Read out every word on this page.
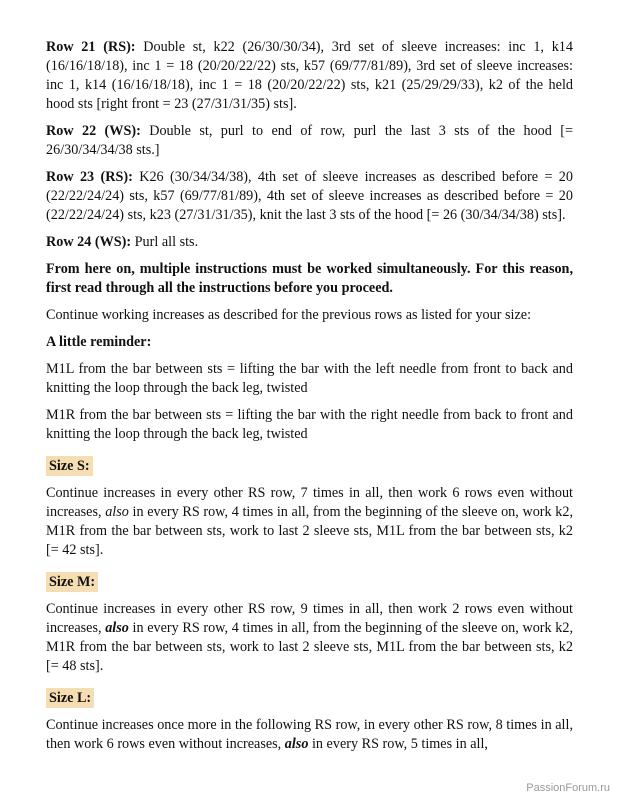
Row 21 (RS): Double st, k22 (26/30/30/34), 3rd set of sleeve increases: inc 1, k14 (16/16/18/18), inc 1 = 18 (20/20/22/22) sts, k57 (69/77/81/89), 3rd set of sleeve increases: inc 1, k14 (16/16/18/18), inc 1 = 18 (20/20/22/22) sts, k21 (25/29/29/33), k2 of the held hood sts [right front = 23 (27/31/31/35) sts].

Row 22 (WS): Double st, purl to end of row, purl the last 3 sts of the hood [= 26/30/34/34/38 sts.]

Row 23 (RS): K26 (30/34/34/38), 4th set of sleeve increases as described before = 20 (22/22/24/24) sts, k57 (69/77/81/89), 4th set of sleeve increases as described before = 20 (22/22/24/24) sts, k23 (27/31/31/35), knit the last 3 sts of the hood [= 26 (30/34/34/38) sts].

Row 24 (WS): Purl all sts.

From here on, multiple instructions must be worked simultaneously. For this reason, first read through all the instructions before you proceed.

Continue working increases as described for the previous rows as listed for your size:

A little reminder:

M1L from the bar between sts = lifting the bar with the left needle from front to back and knitting the loop through the back leg, twisted

M1R from the bar between sts = lifting the bar with the right needle from back to front and knitting the loop through the back leg, twisted

Size S:

Continue increases in every other RS row, 7 times in all, then work 6 rows even without increases, also in every RS row, 4 times in all, from the beginning of the sleeve on, work k2, M1R from the bar between sts, work to last 2 sleeve sts, M1L from the bar between sts, k2 [= 42 sts].

Size M:

Continue increases in every other RS row, 9 times in all, then work 2 rows even without increases, also in every RS row, 4 times in all, from the beginning of the sleeve on, work k2, M1R from the bar between sts, work to last 2 sleeve sts, M1L from the bar between sts, k2 [= 48 sts].

Size L:

Continue increases once more in the following RS row, in every other RS row, 8 times in all, then work 6 rows even without increases, also in every RS row, 5 times in all,

PassionForum.ru
